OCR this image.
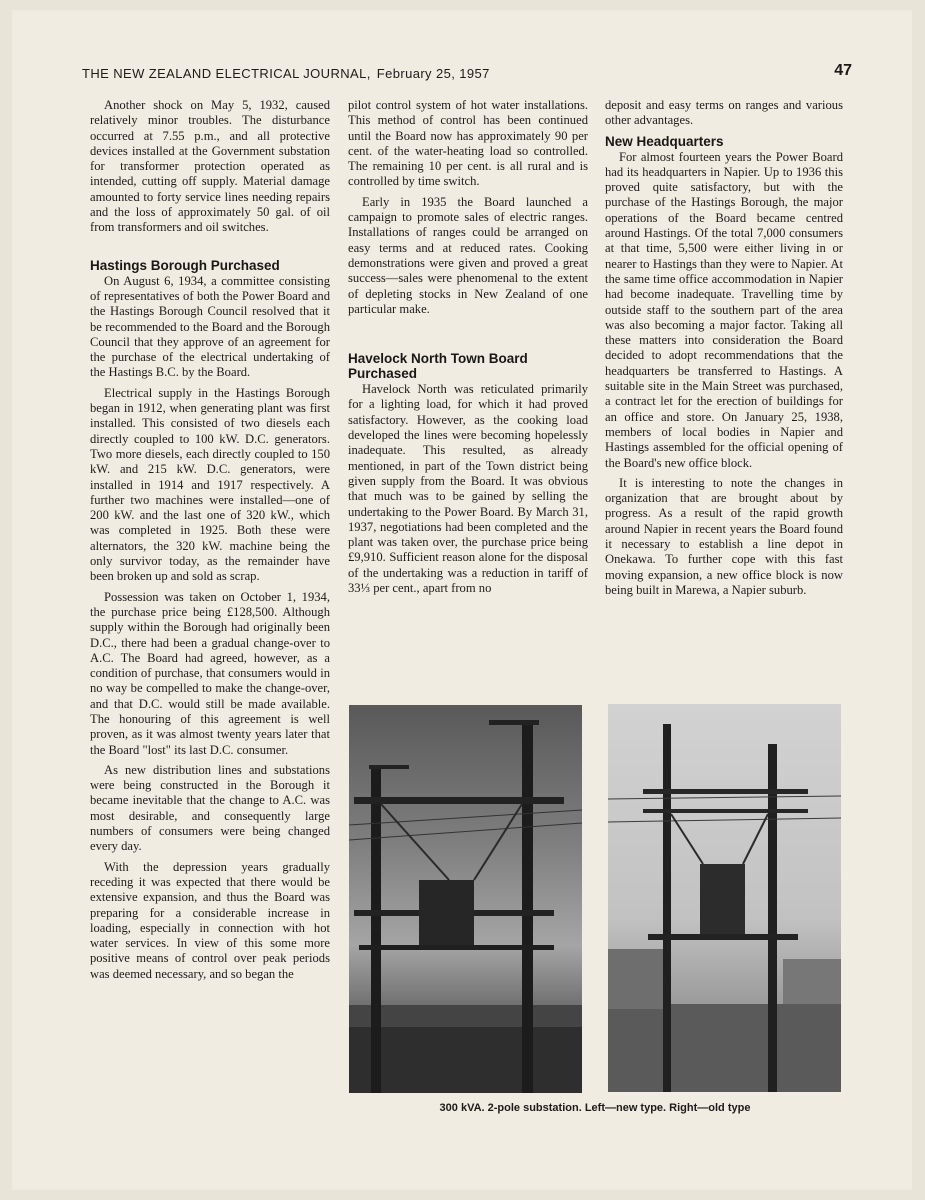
THE NEW ZEALAND ELECTRICAL JOURNAL, February 25, 1957	47

Another shock on May 5, 1932, caused relatively minor troubles. The disturbance occurred at 7.55 p.m., and all protective devices installed at the Government substation for transformer protection operated as intended, cutting off supply. Material damage amounted to forty service lines needing repairs and the loss of approximately 50 gal. of oil from transformers and oil switches.

Hastings Borough Purchased

On August 6, 1934, a committee consisting of representatives of both the Power Board and the Hastings Borough Council resolved that it be recommended to the Board and the Borough Council that they approve of an agreement for the purchase of the electrical undertaking of the Hastings B.C. by the Board.

Electrical supply in the Hastings Borough began in 1912, when generating plant was first installed. This consisted of two diesels each directly coupled to 100 kW. D.C. generators. Two more diesels, each directly coupled to 150 kW. and 215 kW. D.C. generators, were installed in 1914 and 1917 respectively. A further two machines were installed—one of 200 kW. and the last one of 320 kW., which was completed in 1925. Both these were alternators, the 320 kW. machine being the only survivor today, as the remainder have been broken up and sold as scrap.

Possession was taken on October 1, 1934, the purchase price being £128,500. Although supply within the Borough had originally been D.C., there had been a gradual change-over to A.C. The Board had agreed, however, as a condition of purchase, that consumers would in no way be compelled to make the change-over, and that D.C. would still be made available. The honouring of this agreement is well proven, as it was almost twenty years later that the Board "lost" its last D.C. consumer.

As new distribution lines and substations were being constructed in the Borough it became inevitable that the change to A.C. was most desirable, and consequently large numbers of consumers were being changed every day.

With the depression years gradually receding it was expected that there would be extensive expansion, and thus the Board was preparing for a considerable increase in loading, especially in connection with hot water services. In view of this some more positive means of control over peak periods was deemed necessary, and so began the

pilot control system of hot water installations. This method of control has been continued until the Board now has approximately 90 per cent. of the water-heating load so controlled. The remaining 10 per cent. is all rural and is controlled by time switch.

Early in 1935 the Board launched a campaign to promote sales of electric ranges. Installations of ranges could be arranged on easy terms and at reduced rates. Cooking demonstrations were given and proved a great success—sales were phenomenal to the extent of depleting stocks in New Zealand of one particular make.

Havelock North Town Board Purchased

Havelock North was reticulated primarily for a lighting load, for which it had proved satisfactory. However, as the cooking load developed the lines were becoming hopelessly inadequate. This resulted, as already mentioned, in part of the Town district being given supply from the Board. It was obvious that much was to be gained by selling the undertaking to the Power Board. By March 31, 1937, negotiations had been completed and the plant was taken over, the purchase price being £9,910. Sufficient reason alone for the disposal of the undertaking was a reduction in tariff of 33⅓ per cent., apart from no

deposit and easy terms on ranges and various other advantages.

New Headquarters

For almost fourteen years the Power Board had its headquarters in Napier. Up to 1936 this proved quite satisfactory, but with the purchase of the Hastings Borough, the major operations of the Board became centred around Hastings. Of the total 7,000 consumers at that time, 5,500 were either living in or nearer to Hastings than they were to Napier. At the same time office accommodation in Napier had become inadequate. Travelling time by outside staff to the southern part of the area was also becoming a major factor. Taking all these matters into consideration the Board decided to adopt recommendations that the headquarters be transferred to Hastings. A suitable site in the Main Street was purchased, a contract let for the erection of buildings for an office and store. On January 25, 1938, members of local bodies in Napier and Hastings assembled for the official opening of the Board's new office block.

It is interesting to note the changes in organization that are brought about by progress. As a result of the rapid growth around Napier in recent years the Board found it necessary to establish a line depot in Onekawa. To further cope with this fast moving expansion, a new office block is now being built in Marewa, a Napier suburb.

300 kVA. 2-pole substation. Left—new type. Right—old type
